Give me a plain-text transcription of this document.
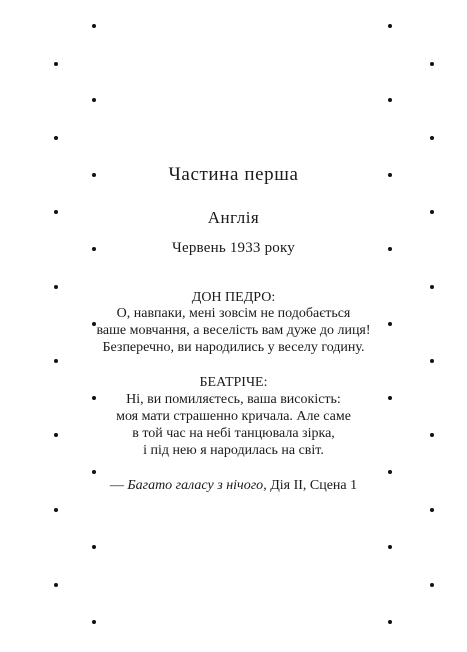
Частина перша
Англія
Червень 1933 року
ДОН ПЕДРО:
О, навпаки, мені зовсім не подобається
ваше мовчання, а веселість вам дуже до лиця!
Безперечно, ви народились у веселу годину.
БЕАТРІЧЕ:
Ні, ви помиляєтесь, ваша високість:
моя мати страшенно кричала. Але саме
в той час на небі танцювала зірка,
і під нею я народилась на світ.
— Багато галасу з нічого, Дія II, Сцена 1
